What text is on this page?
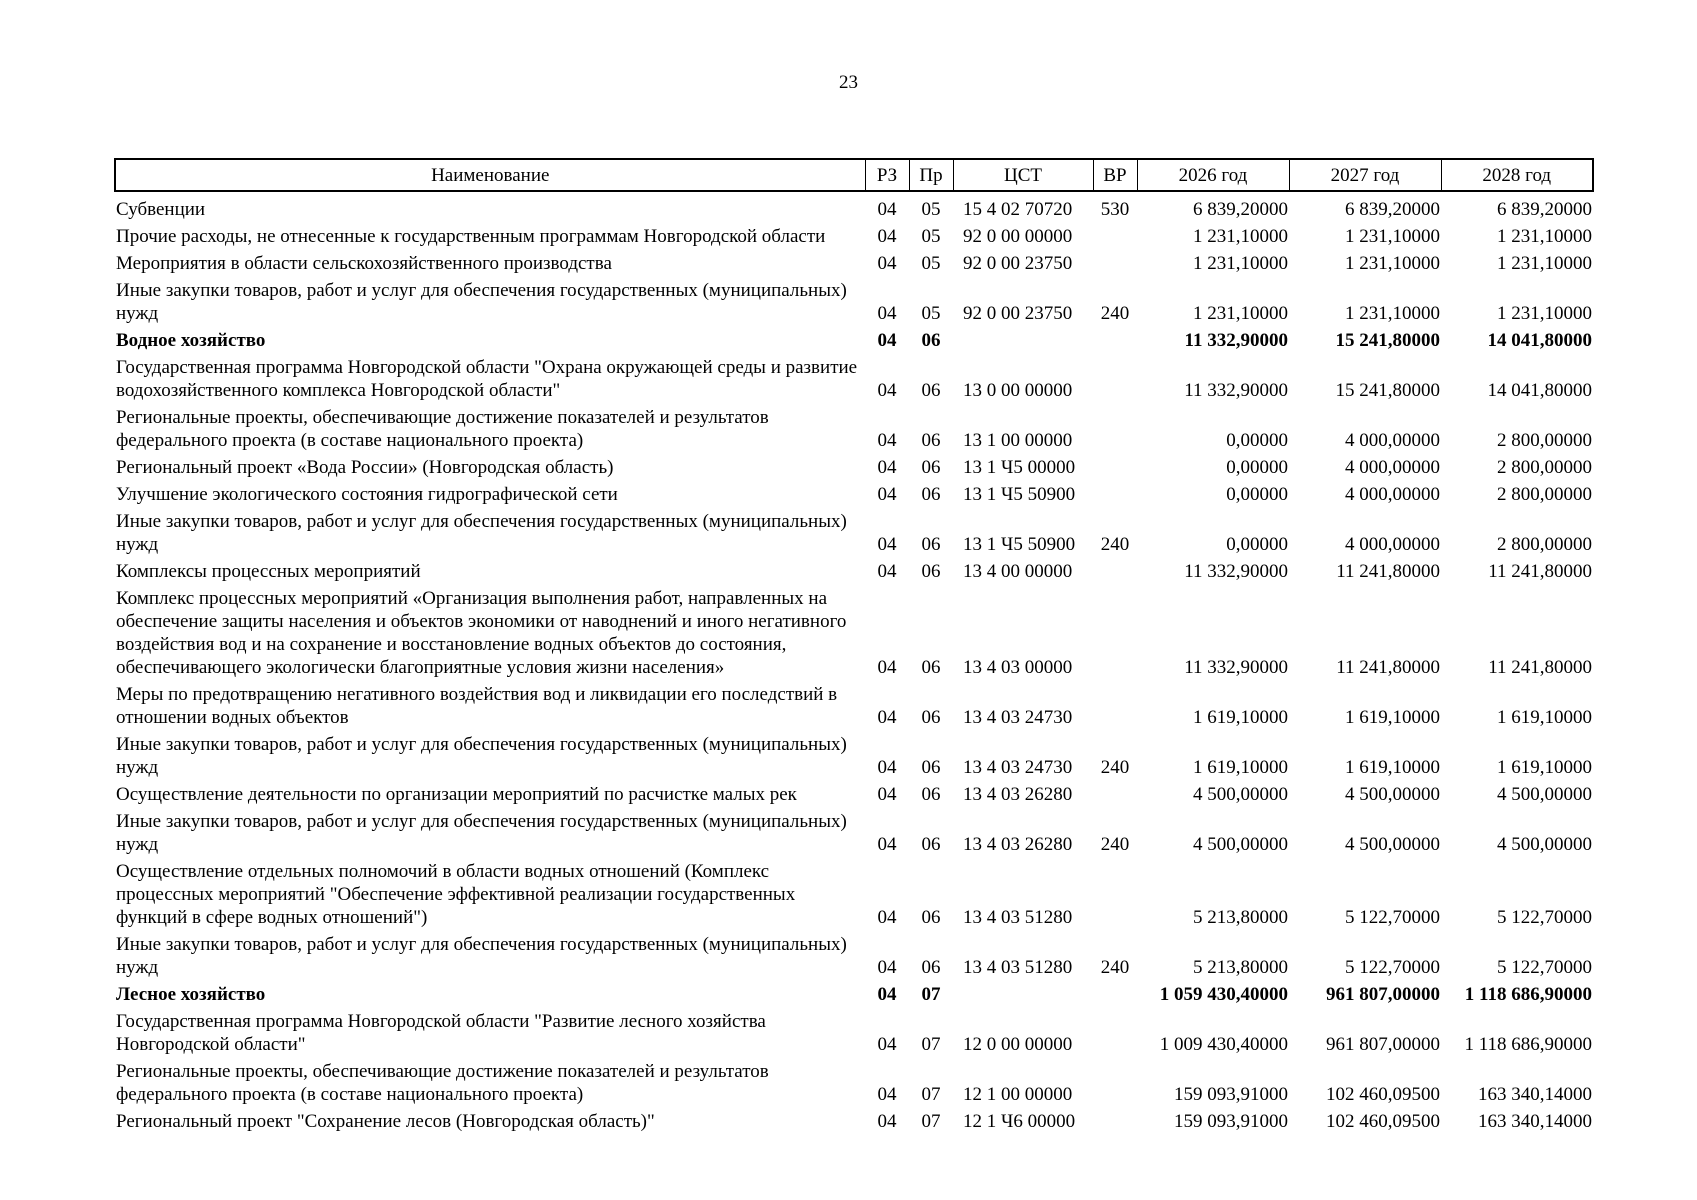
23
Наименование	РЗ	Пр	ЦСТ	ВР	2026 год	2027 год	2028 год
Субвенции	04	05	15 4 02 70720	530	6 839,20000	6 839,20000	6 839,20000
Прочие расходы, не отнесенные к государственным программам Новгородской области	04	05	92 0 00 00000		1 231,10000	1 231,10000	1 231,10000
Мероприятия в области сельскохозяйственного производства	04	05	92 0 00 23750		1 231,10000	1 231,10000	1 231,10000
Иные закупки товаров, работ и услуг для обеспечения государственных (муниципальных) нужд	04	05	92 0 00 23750	240	1 231,10000	1 231,10000	1 231,10000
Водное хозяйство	04	06			11 332,90000	15 241,80000	14 041,80000
Государственная программа Новгородской области "Охрана окружающей среды и развитие водохозяйственного комплекса Новгородской области"	04	06	13 0 00 00000		11 332,90000	15 241,80000	14 041,80000
Региональные проекты, обеспечивающие достижение показателей и результатов федерального проекта (в составе национального проекта)	04	06	13 1 00 00000		0,00000	4 000,00000	2 800,00000
Региональный проект «Вода России» (Новгородская область)	04	06	13 1 Ч5 00000		0,00000	4 000,00000	2 800,00000
Улучшение экологического состояния гидрографической сети	04	06	13 1 Ч5 50900		0,00000	4 000,00000	2 800,00000
Иные закупки товаров, работ и услуг для обеспечения государственных (муниципальных) нужд	04	06	13 1 Ч5 50900	240	0,00000	4 000,00000	2 800,00000
Комплексы процессных мероприятий	04	06	13 4 00 00000		11 332,90000	11 241,80000	11 241,80000
Комплекс процессных мероприятий «Организация выполнения работ, направленных на обеспечение защиты населения и объектов экономики от наводнений и иного негативного воздействия вод и на сохранение и восстановление водных объектов до состояния, обеспечивающего экологически благоприятные условия жизни населения»	04	06	13 4 03 00000		11 332,90000	11 241,80000	11 241,80000
Меры по предотвращению негативного воздействия вод и ликвидации его последствий в отношении водных объектов	04	06	13 4 03 24730		1 619,10000	1 619,10000	1 619,10000
Иные закупки товаров, работ и услуг для обеспечения государственных (муниципальных) нужд	04	06	13 4 03 24730	240	1 619,10000	1 619,10000	1 619,10000
Осуществление деятельности по организации мероприятий по расчистке малых рек	04	06	13 4 03 26280		4 500,00000	4 500,00000	4 500,00000
Иные закупки товаров, работ и услуг для обеспечения государственных (муниципальных) нужд	04	06	13 4 03 26280	240	4 500,00000	4 500,00000	4 500,00000
Осуществление отдельных полномочий в области водных отношений (Комплекс процессных мероприятий "Обеспечение эффективной реализации государственных функций в сфере водных отношений")	04	06	13 4 03 51280		5 213,80000	5 122,70000	5 122,70000
Иные закупки товаров, работ и услуг для обеспечения государственных (муниципальных) нужд	04	06	13 4 03 51280	240	5 213,80000	5 122,70000	5 122,70000
Лесное хозяйство	04	07			1 059 430,40000	961 807,00000	1 118 686,90000
Государственная программа Новгородской области "Развитие лесного хозяйства Новгородской области"	04	07	12 0 00 00000		1 009 430,40000	961 807,00000	1 118 686,90000
Региональные проекты, обеспечивающие достижение показателей и результатов федерального проекта (в составе национального проекта)	04	07	12 1 00 00000		159 093,91000	102 460,09500	163 340,14000
Региональный проект "Сохранение лесов (Новгородская область)"	04	07	12 1 Ч6 00000		159 093,91000	102 460,09500	163 340,14000
